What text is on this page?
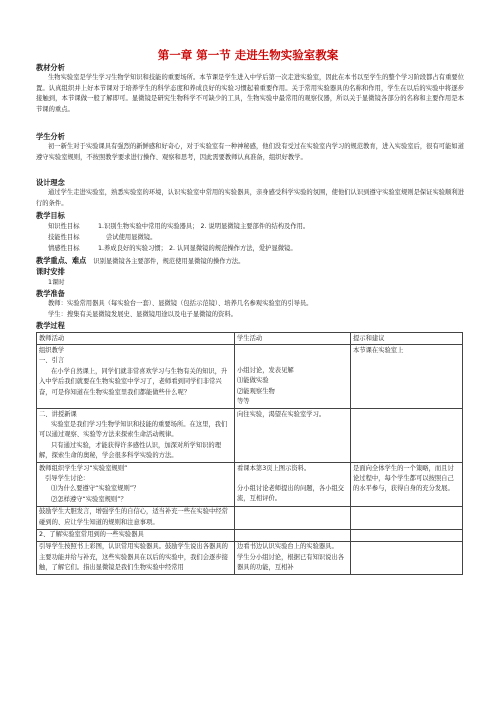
第一章 第一节 走进生物实验室教案
教材分析
生物实验室是学生学习生物学知识和技能的重要场所。本节课是学生进入中学后第一次走进实验室，因此在本书以至学生的整个学习阶段都占有重要位置。认真组织并上好本节课对于培养学生的科学态度和养成良好的实验习惯起着重要作用。关于常用实验器具的名称和作用，学生在以后的实验中将逐步接触到，本节课做一般了解即可。显微镜是研究生物科学不可缺少的工具，生物实验中最常用的观察仪器，所以关于显微镜各部分的名称和主要作用是本节课的重点。
学生分析
初一新生对于实验课具有强烈的新鲜感和好奇心，对于实验室有一种神秘感，他们没有受过在实验室内学习的规范教育，进入实验室后，很有可能如道遵守实验室规则，不按照教学要求进行操作、观察和思考，因此需要教师认真准备，组织好教学。
设计理念
通过学生走进实验室，熟悉实验室的环境，认识实验室中常用的实验器具，亲身感受科学实验的氛围，使他们认识到遵守实验室规则是保证实验顺利进行的条件。
教学目标
知识性目标	1.识别生物实验中常用的实验器具； 2. 说明显微镜主要部件的结构及作用。
技能性目标	尝试使用显微镜。
情感性目标	1.养成良好的实验习惯； 2. 认同显微镜的规范操作方法，爱护显微镜。
教学重点、难点 识别显微镜各主要部件，规范使用显微镜的操作方法。
课时安排
1课时
教学准备
教师：实验常用器具（每实验台一套）、显微镜（包括示范镜）、培养几名参观实验室的引导员。
学生：搜集有关显微镜发展史、显微镜用途以及电子显微镜的资料。
教学过程
教师活动	学生活动	提示和建议

组织教学
一、引言
在小学自然课上，同学们就非常喜欢学习与生物有关的知识，升入中学后我们就要在生物实验室中学习了，老师看到同学们非常兴奋，可是你知道在生物实验室里我们都能做些什么呢？	小组讨论，发表见解
⑴能做实验
⑵能观察生物
等等	本节课在实验室上

二、讲授新课
实验室是我们学习生物学知识和技能的重要场所。在这里，我们可以通过观察、实验等方法来探索生命活动规律。
只有通过实验，才能获得许多感性认识，加深对所学知识的理解，探索生命的奥秘，学会很多科学实验的方法。	向往实验，渴望在实验室学习。	

教师组织学生学习“实验室规则”
引导学生讨论：
⑴为什么要遵守“实验室规则”？
⑵怎样遵守“实验室规则”？	看课本第3页上图示资料。
分小组讨论老师提出的问题，各小组交流，互相评价。	是面向全体学生的一个策略，而且讨论过程中，每个学生都可以按照自己的水平参与，获得自身的充分发展。

鼓励学生大胆发言，增强学生的自信心，适当补充一些在实验中经常碰到的、应让学生知道的规则和注意事项。		

2、了解实验室常用到的一些实验器具		

引导学生按照书上彩图，认识常用实验器具。鼓励学生说出各器具的主要功能并给与补充，这些实验器具在以后的实验中，我们会逐步接触，了解它们。指出显微镜是我们生物实验中经常用	边看书边认识实验台上的实验器具。
学生分小组讨论，根据已有知识说出各器具的功能，互相补	
